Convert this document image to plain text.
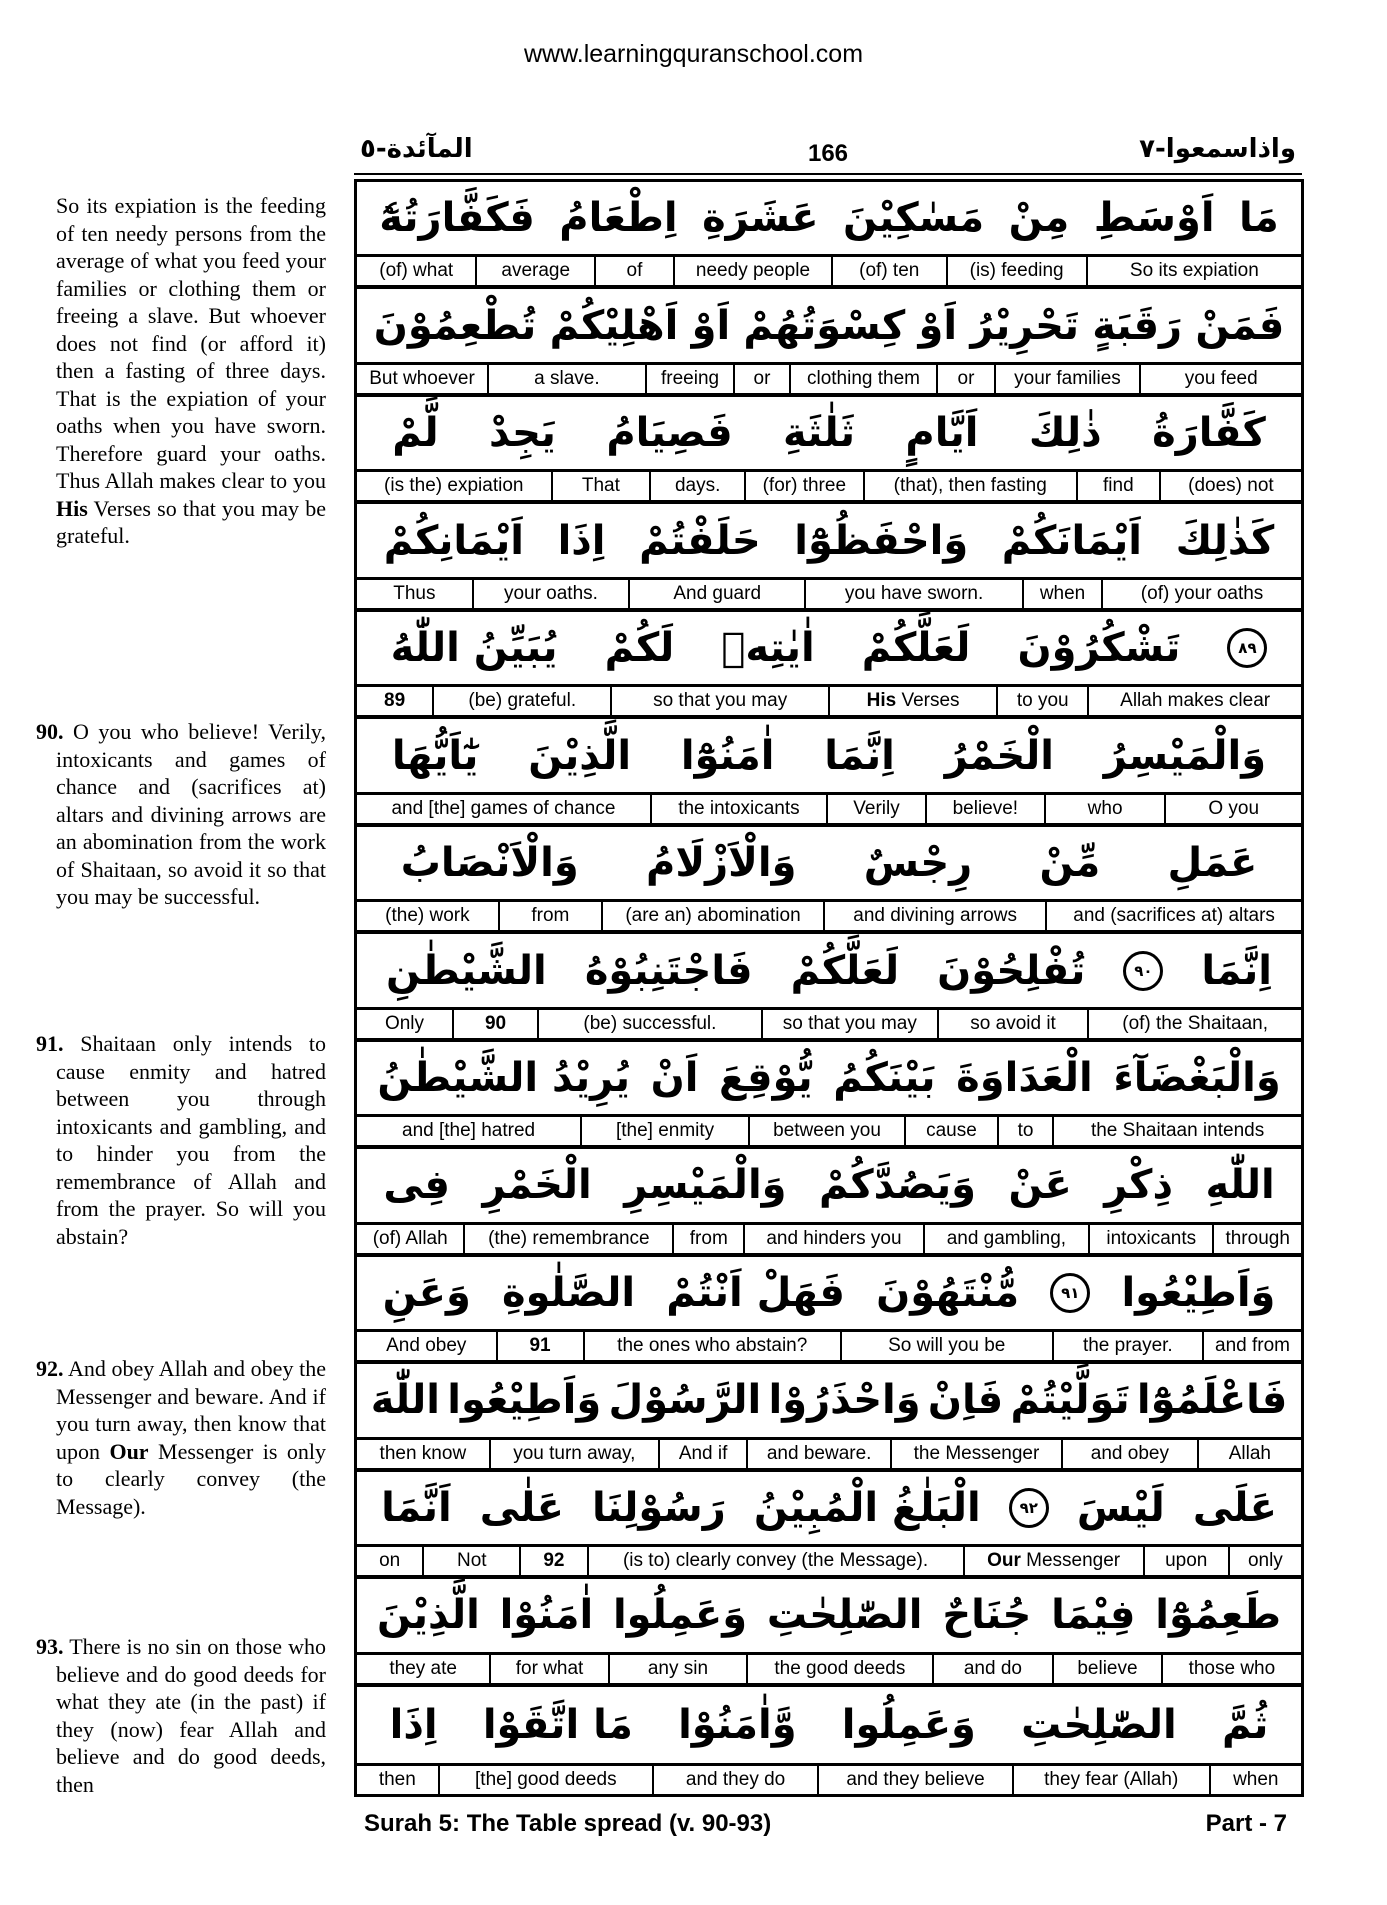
www.learningquranschool.com
المآئدة-٥	166	واذاسمعوا-٧
فَكَفَّارَتُهٗٓ اِطْعَامُ عَشَرَةِ مَسٰكِيْنَ مِنْ اَوْسَطِ مَا
(of) what	average	of	needy people	(of) ten	(is) feeding	So its expiation
تُطْعِمُوْنَ اَهْلِيْكُمْ اَوْ كِسْوَتُهُمْ اَوْ تَحْرِيْرُ رَقَبَةٍ فَمَنْ
But whoever	a slave.	freeing	or	clothing them	or	your families	you feed
لَّمْ يَجِدْ فَصِيَامُ ثَلٰثَةِ اَيَّامٍ ذٰلِكَ كَفَّارَةُ
(is the) expiation	That	days.	(for) three	(that), then fasting	find	(does) not
اَيْمَانِكُمْ اِذَا حَلَفْتُمْ وَاحْفَظُوْٓا اَيْمَانَكُمْ كَذٰلِكَ
Thus	your oaths.	And guard	you have sworn.	when	(of) your oaths
يُبَيِّنُ اللّٰهُ لَكُمْ اٰيٰتِهٖ لَعَلَّكُمْ تَشْكُرُوْنَ	٨٩
89	(be) grateful.	so that you may	His Verses	to you	Allah makes clear
يٰٓاَيُّهَا الَّذِيْنَ اٰمَنُوْٓا اِنَّمَا الْخَمْرُ وَالْمَيْسِرُ
and [the] games of chance	the intoxicants	Verily	believe!	who	O you
وَالْاَنْصَابُ وَالْاَزْلَامُ رِجْسٌ مِّنْ عَمَلِ
(the) work	from	(are an) abomination	and divining arrows	and (sacrifices at) altars
الشَّيْطٰنِ فَاجْتَنِبُوْهُ لَعَلَّكُمْ تُفْلِحُوْنَ	٩٠ اِنَّمَا
Only	90	(be) successful.	so that you may	so avoid it	(of) the Shaitaan,
يُرِيْدُ الشَّيْطٰنُ اَنْ يُّوْقِعَ بَيْنَكُمُ الْعَدَاوَةَ وَالْبَغْضَآءَ
and [the] hatred	[the] enmity	between you	cause	to	the Shaitaan intends
فِى الْخَمْرِ وَالْمَيْسِرِ وَيَصُدَّكُمْ عَنْ ذِكْرِ اللّٰهِ
(of) Allah	(the) remembrance	from	and hinders you	and gambling,	intoxicants	through
وَعَنِ الصَّلٰوةِ فَهَلْ اَنْتُمْ مُّنْتَهُوْنَ	٩١ وَاَطِيْعُوا
And obey	91	the ones who abstain?	So will you be	the prayer.	and from
اللّٰهَ وَاَطِيْعُوا الرَّسُوْلَ وَاحْذَرُوْا فَاِنْ تَوَلَّيْتُمْ فَاعْلَمُوْٓا
then know	you turn away,	And if	and beware.	the Messenger	and obey	Allah
اَنَّمَا عَلٰى رَسُوْلِنَا الْبَلٰغُ الْمُبِيْنُ	٩٢ لَيْسَ عَلَى
on	Not	92	(is to) clearly convey (the Message).	Our Messenger	upon	only
الَّذِيْنَ اٰمَنُوْا وَعَمِلُوا الصّٰلِحٰتِ جُنَاحٌ فِيْمَا طَعِمُوْٓا
they ate	for what	any sin	the good deeds	and do	believe	those who
اِذَا مَا اتَّقَوْا وَّاٰمَنُوْا وَعَمِلُوا الصّٰلِحٰتِ ثُمَّ
then	[the] good deeds	and they do	and they believe	they fear (Allah)	when

So its expiation is the feeding of ten needy persons from the average of what you feed your families or clothing them or freeing a slave. But whoever does not find (or afford it) then a fasting of three days. That is the expiation of your oaths when you have sworn. Therefore guard your oaths. Thus Allah makes clear to you His Verses so that you may be grateful.

90. O you who believe! Verily, intoxicants and games of chance and (sacrifices at) altars and divining arrows are an abomination from the work of Shaitaan, so avoid it so that you may be successful.

91. Shaitaan only intends to cause enmity and hatred between you through intoxicants and gambling, and to hinder you from the remembrance of Allah and from the prayer. So will you abstain?

92. And obey Allah and obey the Messenger and beware. And if you turn away, then know that upon Our Messenger is only to clearly convey (the Message).

93. There is no sin on those who believe and do good deeds for what they ate (in the past) if they (now) fear Allah and believe and do good deeds, then

Surah 5: The Table spread (v. 90-93)	Part - 7
